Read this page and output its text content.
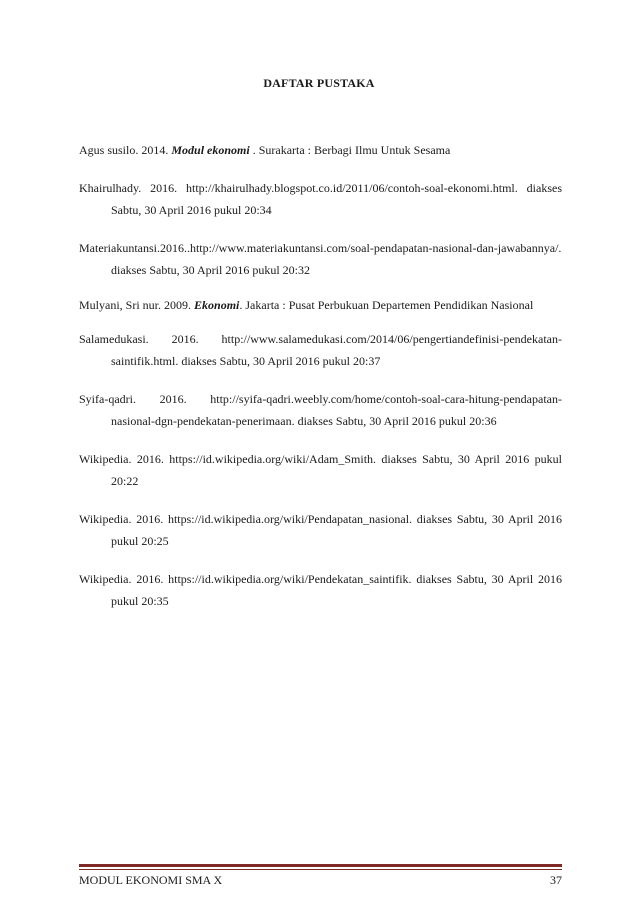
DAFTAR PUSTAKA
Agus susilo. 2014. Modul ekonomi . Surakarta : Berbagi Ilmu Untuk Sesama
Khairulhady. 2016. http://khairulhady.blogspot.co.id/2011/06/contoh-soal-ekonomi.html. diakses Sabtu, 30 April 2016 pukul 20:34
Materiakuntansi.2016..http://www.materiakuntansi.com/soal-pendapatan-nasional-dan-jawabannya/. diakses Sabtu, 30 April 2016 pukul 20:32
Mulyani, Sri nur. 2009. Ekonomi. Jakarta : Pusat Perbukuan Departemen Pendidikan Nasional
Salamedukasi. 2016. http://www.salamedukasi.com/2014/06/pengertiandefinisi-pendekatan-saintifik.html. diakses Sabtu, 30 April 2016 pukul 20:37
Syifa-qadri. 2016. http://syifa-qadri.weebly.com/home/contoh-soal-cara-hitung-pendapatan-nasional-dgn-pendekatan-penerimaan. diakses Sabtu, 30 April 2016 pukul 20:36
Wikipedia. 2016. https://id.wikipedia.org/wiki/Adam_Smith. diakses Sabtu, 30 April 2016 pukul 20:22
Wikipedia. 2016. https://id.wikipedia.org/wiki/Pendapatan_nasional. diakses Sabtu, 30 April 2016 pukul 20:25
Wikipedia. 2016. https://id.wikipedia.org/wiki/Pendekatan_saintifik. diakses Sabtu, 30 April 2016 pukul 20:35
MODUL EKONOMI SMA X	37
